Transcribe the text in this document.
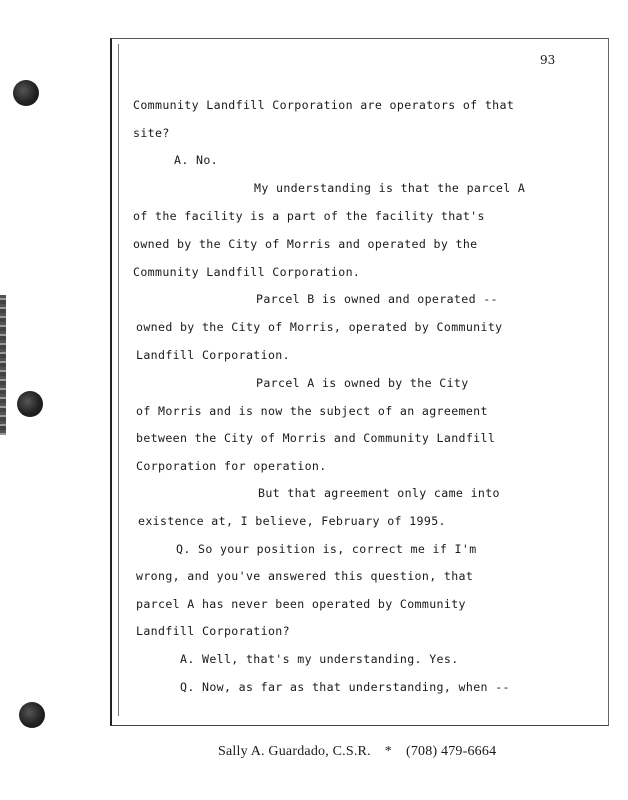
93
Community Landfill Corporation are operators of that
site?
A. No.
My understanding is that the parcel A
of the facility is a part of the facility that's
owned by the City of Morris and operated by the
Community Landfill Corporation.
Parcel B is owned and operated --
owned by the City of Morris, operated by Community
Landfill Corporation.
Parcel A is owned by the City
of Morris and is now the subject of an agreement
between the City of Morris and Community Landfill
Corporation for operation.
But that agreement only came into
existence at, I believe, February of 1995.
Q. So your position is, correct me if I'm
wrong, and you've answered this question, that
parcel A has never been operated by Community
Landfill Corporation?
A. Well, that's my understanding. Yes.
Q. Now, as far as that understanding, when --
Sally A. Guardado, C.S.R. * (708) 479-6664
